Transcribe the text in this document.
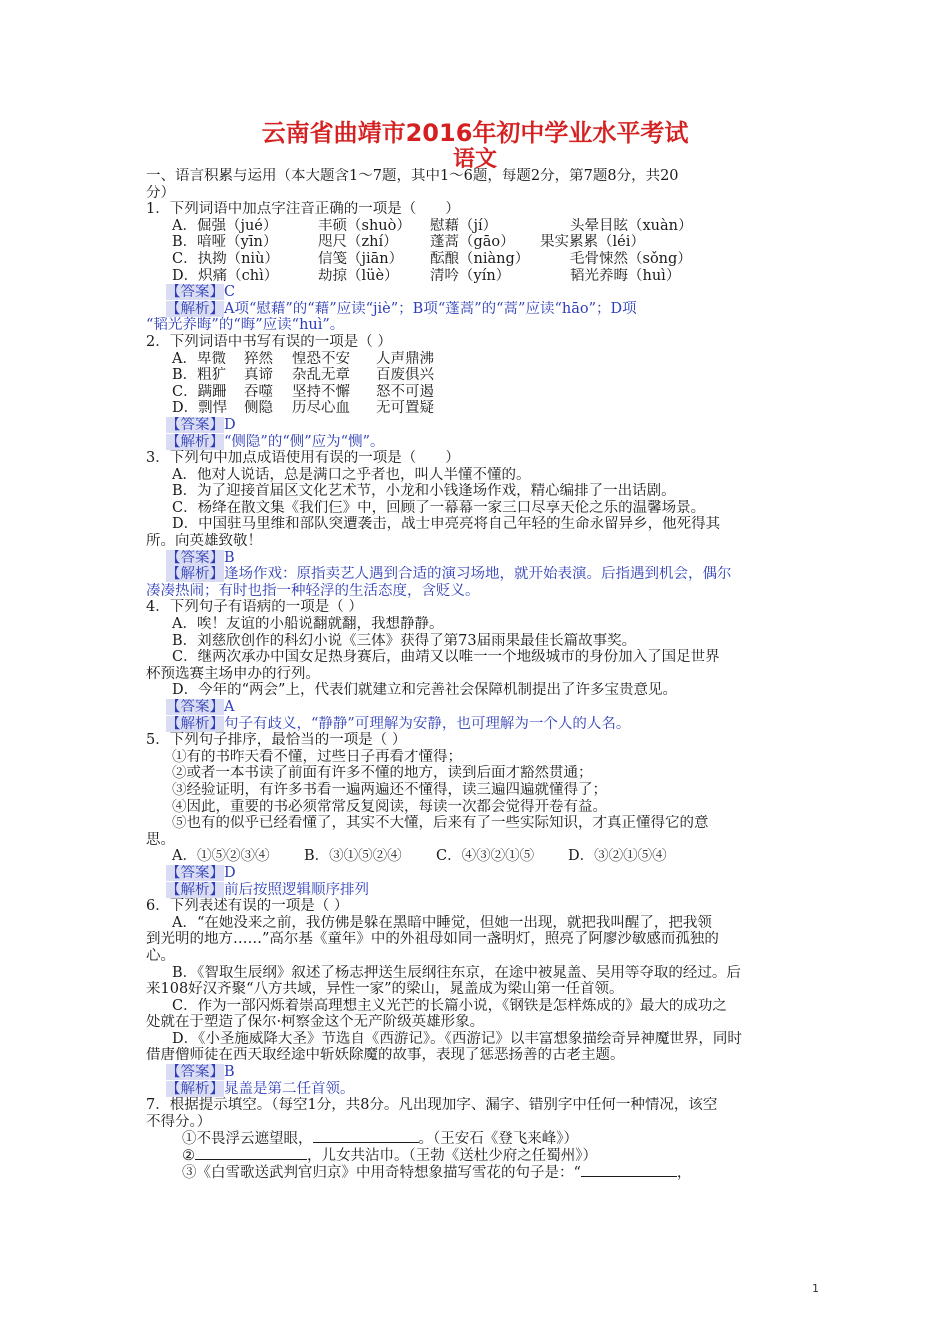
云南省曲靖市2016年初中学业水平考试
语文
一、语言积累与运用（本大题含1～7题，其中1～6题，每题2分，第7题8分，共20
分）
1．下列词语中加点字注音正确的一项是（　　）
A．倔强（jué）	丰硕（shuò） 慰藉（jí）	头晕目眩（xuàn）
B．喑哑（yīn）	咫尺（zhí） 蓬蒿（gāo） 果实累累（léi）
C．执拗（niù）	信笺（jiān） 酝酿（niàng）	毛骨悚然（sǒng）
D．炽痛（chì）	劫掠（lüè） 清吟（yín）	韬光养晦（huì）
【答案】C
【解析】A项“慰藉”的“藉”应读“jiè”；B项“蓬蒿”的“蒿”应读“hāo”；D项
“韬光养晦”的“晦”应读“huì”。
2．下列词语中书写有误的一项是（ ）
A．卑微 猝然 惶恐不安 人声鼎沸
B．粗犷 真谛 杂乱无章 百废俱兴
C．蹒跚 吞噬 坚持不懈 怒不可遏
D．剽悍 侧隐 历尽心血 无可置疑
【答案】D
【解析】“侧隐”的“侧”应为“恻”。
3．下列句中加点成语使用有误的一项是（　　）
A．他对人说话，总是满口之乎者也，叫人半懂不懂的。
B．为了迎接首届区文化艺术节，小龙和小钱逢场作戏，精心编排了一出话剧。
C．杨绛在散文集《我们仨》中，回顾了一幕幕一家三口尽享天伦之乐的温馨场景。
D．中国驻马里维和部队突遭袭击，战士申亮亮将自己年轻的生命永留异乡，他死得其
所。向英雄致敬！
【答案】B
【解析】逢场作戏：原指卖艺人遇到合适的演习场地，就开始表演。后指遇到机会，偶尔
凑凑热闹；有时也指一种轻浮的生活态度，含贬义。
4．下列句子有语病的一项是（ ）
A．唉！友谊的小船说翻就翻，我想静静。
B．刘慈欣创作的科幻小说《三体》获得了第73届雨果最佳长篇故事奖。
C．继两次承办中国女足热身赛后，曲靖又以唯一一个地级城市的身份加入了国足世界
杯预选赛主场申办的行列。
D．今年的“两会”上，代表们就建立和完善社会保障机制提出了许多宝贵意见。
【答案】A
【解析】句子有歧义，“静静”可理解为安静，也可理解为一个人的人名。
5．下列句子排序，最恰当的一项是（ ）
①有的书昨天看不懂，过些日子再看才懂得；
②或者一本书读了前面有许多不懂的地方，读到后面才豁然贯通；
③经验证明，有许多书看一遍两遍还不懂得，读三遍四遍就懂得了；
④因此，重要的书必须常常反复阅读，每读一次都会觉得开卷有益。
⑤也有的似乎已经看懂了，其实不大懂，后来有了一些实际知识，才真正懂得它的意
思。
A．①⑤②③④ B．③①⑤②④ C．④③②①⑤ D．③②①⑤④
【答案】D
【解析】前后按照逻辑顺序排列
6．下列表述有误的一项是（ ）
A．“在她没来之前，我仿佛是躲在黑暗中睡觉，但她一出现，就把我叫醒了，把我领
到光明的地方……”高尔基《童年》中的外祖母如同一盏明灯，照亮了阿廖沙敏感而孤独的
心。
B．《智取生辰纲》叙述了杨志押送生辰纲往东京，在途中被晁盖、吴用等夺取的经过。后
来108好汉齐聚“八方共域，异性一家”的梁山，晁盖成为梁山第一任首领。
C．作为一部闪烁着崇高理想主义光芒的长篇小说，《钢铁是怎样炼成的》最大的成功之
处就在于塑造了保尔·柯察金这个无产阶级英雄形象。
D．《小圣施威降大圣》节选自《西游记》。《西游记》以丰富想象描绘奇异神魔世界，同时
借唐僧师徒在西天取经途中斩妖除魔的故事，表现了惩恶扬善的古老主题。
【答案】B
【解析】晁盖是第二任首领。
7．根据提示填空。（每空1分，共8分。凡出现加字、漏字、错别字中任何一种情况，该空
不得分。）
①不畏浮云遮望眼，	。（王安石《登飞来峰》）
②	，儿女共沾巾。（王勃《送杜少府之任蜀州》）
③《白雪歌送武判官归京》中用奇特想象描写雪花的句子是：“	，
1
